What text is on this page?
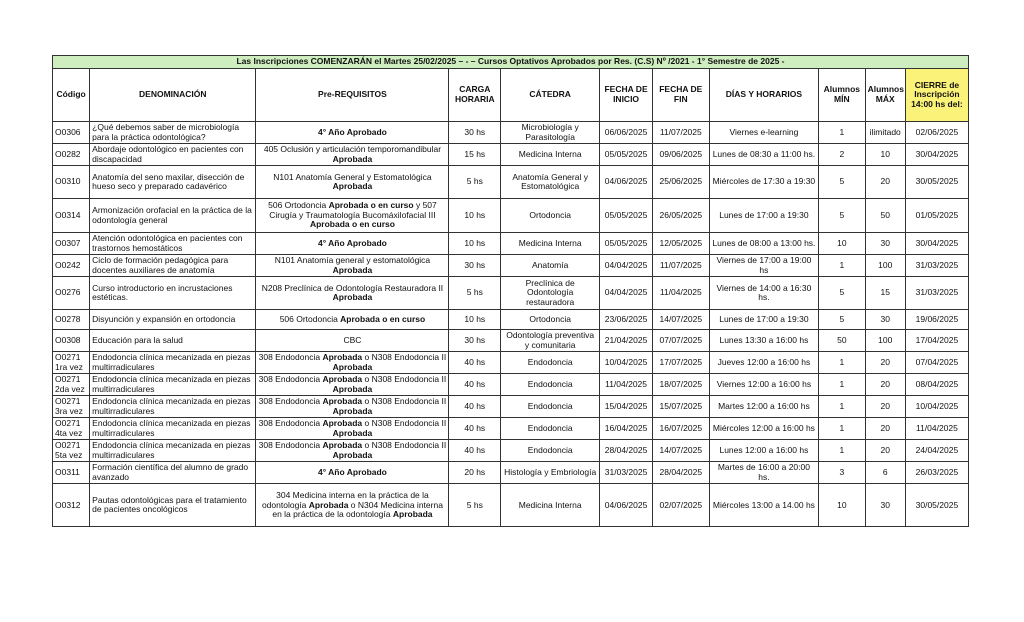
Las Inscripciones COMENZARÁN el Martes 25/02/2025 – - – Cursos Optativos Aprobados por Res. (C.S) Nº /2021 - 1° Semestre de 2025 -										
Código	DENOMINACIÓN	Pre-REQUISITOS	CARGA HORARIA	CÁTEDRA	FECHA DE INICIO	FECHA DE FIN	DÍAS Y HORARIOS	Alumnos MÍN	Alumnos MÁX	CIERRE de Inscripción 14:00 hs del:
O0306	¿Qué debemos saber de microbiología para la práctica odontológica?	4° Año Aprobado	30 hs	Microbiología y Parasitología	06/06/2025	11/07/2025	Viernes e-learning	1	ilimitado	02/06/2025
O0282	Abordaje odontológico en pacientes con discapacidad	405 Oclusión y articulación temporomandibular Aprobada	15 hs	Medicina Interna	05/05/2025	09/06/2025	Lunes de 08:30 a 11:00 hs.	2	10	30/04/2025
O0310	Anatomía del seno maxilar, disección de hueso seco y preparado cadavérico	N101 Anatomía General y Estomatológica Aprobada	5 hs	Anatomía General y Estomatológica	04/06/2025	25/06/2025	Miércoles de 17:30 a 19:30	5	20	30/05/2025
O0314	Armonización orofacial en la práctica de la odontología general	506 Ortodoncia Aprobada o en curso y 507 Cirugía y Traumatología Bucomáxilofacial III Aprobada o en curso	10 hs	Ortodoncia	05/05/2025	26/05/2025	Lunes de 17:00 a 19:30	5	50	01/05/2025
O0307	Atención odontológica en pacientes con trastornos hemostáticos	4° Año Aprobado	10 hs	Medicina Interna	05/05/2025	12/05/2025	Lunes de 08:00 a 13:00 hs.	10	30	30/04/2025
O0242	Ciclo de formación pedagógica para docentes auxiliares de anatomía	N101 Anatomía general y estomatológica Aprobada	30 hs	Anatomía	04/04/2025	11/07/2025	Viernes de 17:00 a 19:00 hs	1	100	31/03/2025
O0276	Curso introductorio en incrustaciones estéticas.	N208 Preclínica de Odontología Restauradora II Aprobada	5 hs	Preclínica de Odontología restauradora	04/04/2025	11/04/2025	Viernes de 14:00 a 16:30 hs.	5	15	31/03/2025
O0278	Disyunción y expansión en ortodoncia	506 Ortodoncia Aprobada o en curso	10 hs	Ortodoncia	23/06/2025	14/07/2025	Lunes de 17:00 a 19:30	5	30	19/06/2025
O0308	Educación para la salud	CBC	30 hs	Odontología preventiva y comunitaria	21/04/2025	07/07/2025	Lunes 13:30 a 16:00 hs	50	100	17/04/2025
O0271 1ra vez	Endodoncia clínica mecanizada en piezas multirradiculares	308 Endodoncia Aprobada o N308 Endodoncia II Aprobada	40 hs	Endodoncia	10/04/2025	17/07/2025	Jueves 12:00 a 16:00 hs	1	20	07/04/2025
O0271 2da vez	Endodoncia clínica mecanizada en piezas multirradiculares	308 Endodoncia Aprobada o N308 Endodoncia II Aprobada	40 hs	Endodoncia	11/04/2025	18/07/2025	Viernes 12:00 a 16:00 hs	1	20	08/04/2025
O0271 3ra vez	Endodoncia clínica mecanizada en piezas multirradiculares	308 Endodoncia Aprobada o N308 Endodoncia II Aprobada	40 hs	Endodoncia	15/04/2025	15/07/2025	Martes 12:00 a 16:00 hs	1	20	10/04/2025
O0271 4ta vez	Endodoncia clínica mecanizada en piezas multirradiculares	308 Endodoncia Aprobada o N308 Endodoncia II Aprobada	40 hs	Endodoncia	16/04/2025	16/07/2025	Miércoles 12:00 a 16:00 hs	1	20	11/04/2025
O0271 5ta vez	Endodoncia clínica mecanizada en piezas multirradiculares	308 Endodoncia Aprobada o N308 Endodoncia II Aprobada	40 hs	Endodoncia	28/04/2025	14/07/2025	Lunes 12:00 a 16:00 hs	1	20	24/04/2025
O0311	Formación científica del alumno de grado avanzado	4° Año Aprobado	20 hs	Histología y Embriología	31/03/2025	28/04/2025	Martes de 16:00 a 20:00 hs.	3	6	26/03/2025
O0312	Pautas odontológicas para el tratamiento de pacientes oncológicos	304 Medicina interna en la práctica de la odontología Aprobada o N304 Medicina interna en la práctica de la odontología Aprobada	5 hs	Medicina Interna	04/06/2025	02/07/2025	Miércoles 13:00 a 14.00 hs	10	30	30/05/2025
